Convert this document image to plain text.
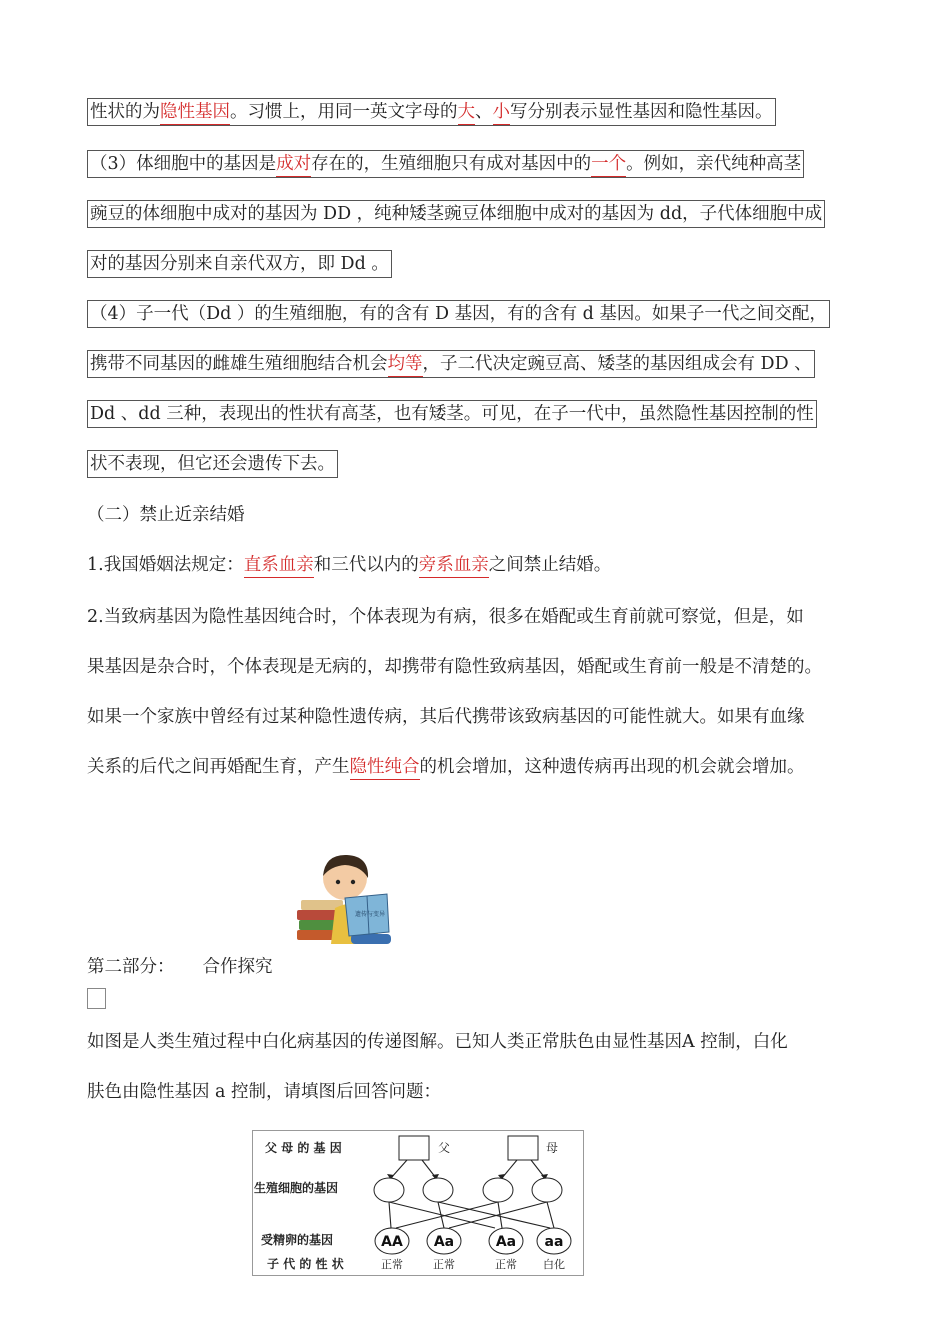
性状的为隐性基因。习惯上，用同一英文字母的大、小写分别表示显性基因和隐性基因。
（3）体细胞中的基因是成对存在的，生殖细胞只有成对基因中的一个。例如，亲代纯种高茎
豌豆的体细胞中成对的基因为 DD ，纯种矮茎豌豆体细胞中成对的基因为 dd，子代体细胞中成
对的基因分别来自亲代双方，即 Dd 。
（4）子一代（Dd ）的生殖细胞，有的含有 D 基因，有的含有 d 基因。如果子一代之间交配，
携带不同基因的雌雄生殖细胞结合机会均等，子二代决定豌豆高、矮茎的基因组成会有 DD 、
Dd 、dd 三种，表现出的性状有高茎，也有矮茎。可见，在子一代中，虽然隐性基因控制的性
状不表现，但它还会遗传下去。
（二）禁止近亲结婚
1.我国婚姻法规定：直系血亲和三代以内的旁系血亲之间禁止结婚。
2.当致病基因为隐性基因纯合时，个体表现为有病，很多在婚配或生育前就可察觉，但是，如
果基因是杂合时，个体表现是无病的，却携带有隐性致病基因，婚配或生育前一般是不清楚的。
如果一个家族中曾经有过某种隐性遗传病，其后代携带该致病基因的可能性就大。如果有血缘
关系的后代之间再婚配生育，产生隐性纯合的机会增加，这种遗传病再出现的机会就会增加。
遗传与变异
第二部分： 合作探究
如图是人类生殖过程中白化病基因的传递图解。已知人类正常肤色由显性基因A 控制，白化
肤色由隐性基因 a 控制，请填图后回答问题：
父 母 的 基 因
生殖细胞的基因
受精卵的基因
子 代 的 性 状
父	母
AA Aa	Aa aa
正常	正常	正常 白化
